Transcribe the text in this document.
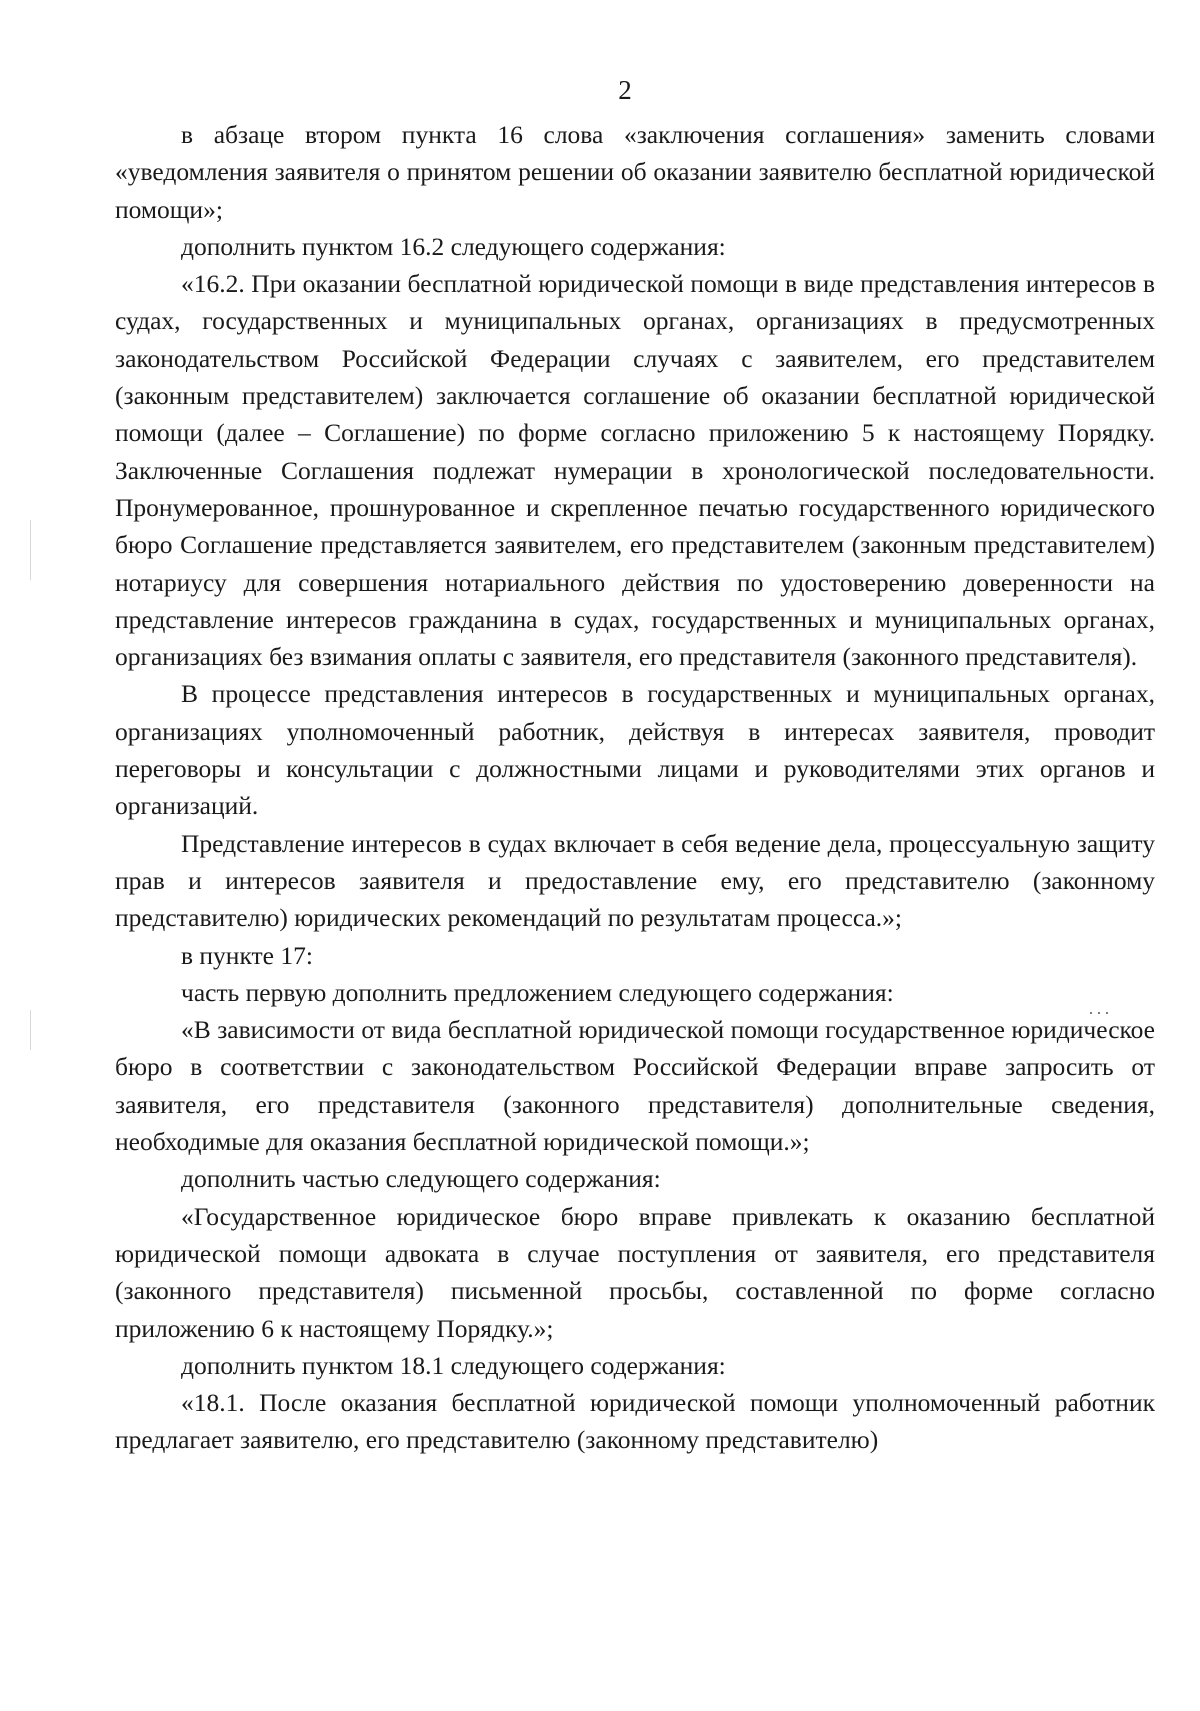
2

в абзаце втором пункта 16 слова «заключения соглашения» заменить словами «уведомления заявителя о принятом решении об оказании заявителю бесплатной юридической помощи»;

дополнить пунктом 16.2 следующего содержания:

«16.2. При оказании бесплатной юридической помощи в виде представления интересов в судах, государственных и муниципальных органах, организациях в предусмотренных законодательством Российской Федерации случаях с заявителем, его представителем (законным представителем) заключается соглашение об оказании бесплатной юридической помощи (далее – Соглашение) по форме согласно приложению 5 к настоящему Порядку. Заключенные Соглашения подлежат нумерации в хронологической последовательности. Пронумерованное, прошнурованное и скрепленное печатью государственного юридического бюро Соглашение представляется заявителем, его представителем (законным представителем) нотариусу для совершения нотариального действия по удостоверению доверенности на представление интересов гражданина в судах, государственных и муниципальных органах, организациях без взимания оплаты с заявителя, его представителя (законного представителя).

В процессе представления интересов в государственных и муниципальных органах, организациях уполномоченный работник, действуя в интересах заявителя, проводит переговоры и консультации с должностными лицами и руководителями этих органов и организаций.

Представление интересов в судах включает в себя ведение дела, процессуальную защиту прав и интересов заявителя и предоставление ему, его представителю (законному представителю) юридических рекомендаций по результатам процесса.»;

в пункте 17:

часть первую дополнить предложением следующего содержания:

«В зависимости от вида бесплатной юридической помощи государственное юридическое бюро в соответствии с законодательством Российской Федерации вправе запросить от заявителя, его представителя (законного представителя) дополнительные сведения, необходимые для оказания бесплатной юридической помощи.»;

дополнить частью следующего содержания:

«Государственное юридическое бюро вправе привлекать к оказанию бесплатной юридической помощи адвоката в случае поступления от заявителя, его представителя (законного представителя) письменной просьбы, составленной по форме согласно приложению 6 к настоящему Порядку.»;

дополнить пунктом 18.1 следующего содержания:

«18.1. После оказания бесплатной юридической помощи уполномоченный работник предлагает заявителю, его представителю (законному представителю)
